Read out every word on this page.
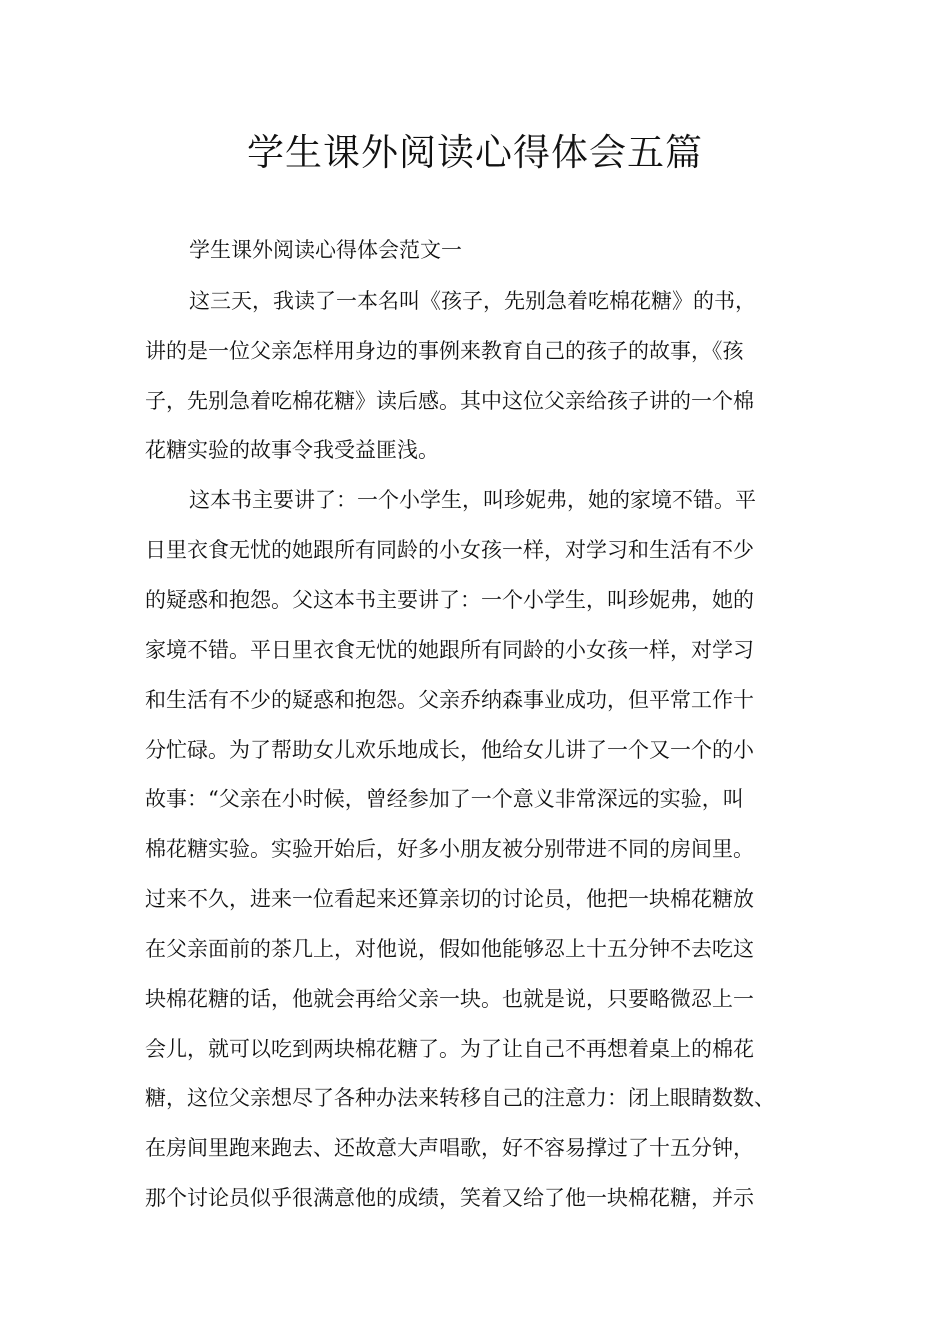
学生课外阅读心得体会五篇

学生课外阅读心得体会范文一

这三天，我读了一本名叫《孩子，先别急着吃棉花糖》的书，

讲的是一位父亲怎样用身边的事例来教育自己的孩子的故事，《孩

子，先别急着吃棉花糖》读后感。其中这位父亲给孩子讲的一个棉

花糖实验的故事令我受益匪浅。

这本书主要讲了：一个小学生，叫珍妮弗，她的家境不错。平

日里衣食无忧的她跟所有同龄的小女孩一样，对学习和生活有不少

的疑惑和抱怨。父这本书主要讲了：一个小学生，叫珍妮弗，她的

家境不错。平日里衣食无忧的她跟所有同龄的小女孩一样，对学习

和生活有不少的疑惑和抱怨。父亲乔纳森事业成功，但平常工作十

分忙碌。为了帮助女儿欢乐地成长，他给女儿讲了一个又一个的小

故事：“父亲在小时候，曾经参加了一个意义非常深远的实验，叫

棉花糖实验。实验开始后，好多小朋友被分别带进不同的房间里。

过来不久，进来一位看起来还算亲切的讨论员，他把一块棉花糖放

在父亲面前的茶几上，对他说，假如他能够忍上十五分钟不去吃这

块棉花糖的话，他就会再给父亲一块。也就是说，只要略微忍上一

会儿，就可以吃到两块棉花糖了。为了让自己不再想着桌上的棉花

糖，这位父亲想尽了各种办法来转移自己的注意力：闭上眼睛数数、

在房间里跑来跑去、还故意大声唱歌，好不容易撑过了十五分钟，

那个讨论员似乎很满意他的成绩，笑着又给了他一块棉花糖，并示
